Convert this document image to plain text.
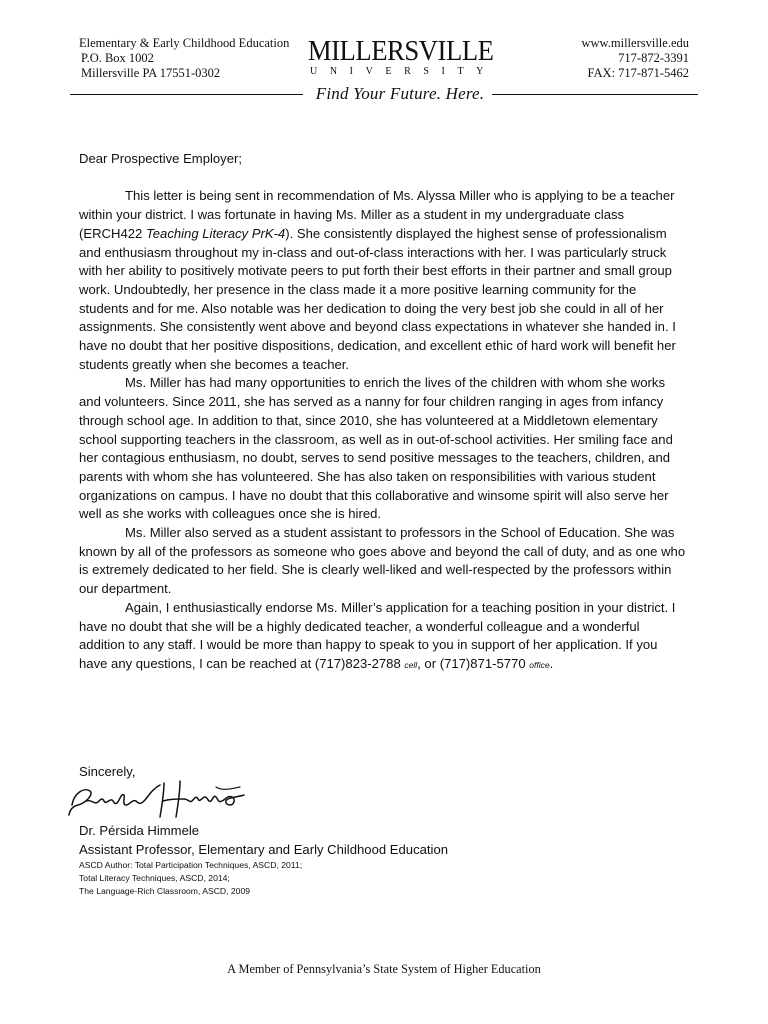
Elementary & Early Childhood Education
P.O. Box 1002
Millersville PA 17551-0302
MILLERSVILLE
UNIVERSITY
www.millersville.edu
717-872-3391
FAX: 717-871-5462
Find Your Future. Here.

Dear Prospective Employer;

This letter is being sent in recommendation of Ms. Alyssa Miller who is applying to be a teacher within your district. I was fortunate in having Ms. Miller as a student in my undergraduate class (ERCH422 Teaching Literacy PrK-4). She consistently displayed the highest sense of professionalism and enthusiasm throughout my in-class and out-of-class interactions with her. I was particularly struck with her ability to positively motivate peers to put forth their best efforts in their partner and small group work. Undoubtedly, her presence in the class made it a more positive learning community for the students and for me. Also notable was her dedication to doing the very best job she could in all of her assignments. She consistently went above and beyond class expectations in whatever she handed in. I have no doubt that her positive dispositions, dedication, and excellent ethic of hard work will benefit her students greatly when she becomes a teacher.

Ms. Miller has had many opportunities to enrich the lives of the children with whom she works and volunteers. Since 2011, she has served as a nanny for four children ranging in ages from infancy through school age. In addition to that, since 2010, she has volunteered at a Middletown elementary school supporting teachers in the classroom, as well as in out-of-school activities. Her smiling face and her contagious enthusiasm, no doubt, serves to send positive messages to the teachers, children, and parents with whom she has volunteered. She has also taken on responsibilities with various student organizations on campus. I have no doubt that this collaborative and winsome spirit will also serve her well as she works with colleagues once she is hired.

Ms. Miller also served as a student assistant to professors in the School of Education. She was known by all of the professors as someone who goes above and beyond the call of duty, and as one who is extremely dedicated to her field. She is clearly well-liked and well-respected by the professors within our department.

Again, I enthusiastically endorse Ms. Miller’s application for a teaching position in your district. I have no doubt that she will be a highly dedicated teacher, a wonderful colleague and a wonderful addition to any staff. I would be more than happy to speak to you in support of her application. If you have any questions, I can be reached at (717)823-2788 cell, or (717)871-5770 office.

Sincerely,
Dr. Pérsida Himmele
Assistant Professor, Elementary and Early Childhood Education
ASCD Author: Total Participation Techniques, ASCD, 2011;
Total Literacy Techniques, ASCD, 2014;
The Language-Rich Classroom, ASCD, 2009
A Member of Pennsylvania’s State System of Higher Education
